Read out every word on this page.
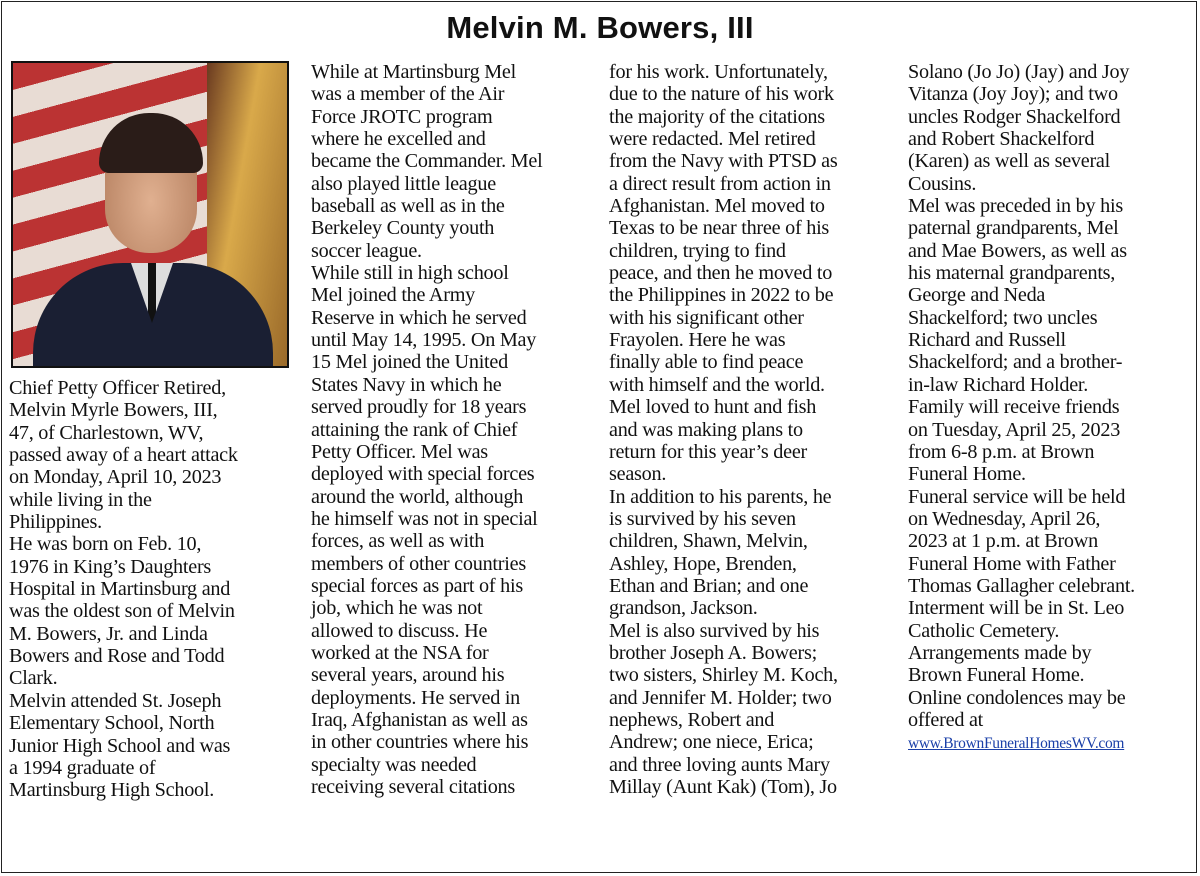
Melvin M. Bowers, III
Chief Petty Officer Retired,
Melvin Myrle Bowers, III,
47, of Charlestown, WV,
passed away of a heart attack
on Monday, April 10, 2023
while living in the
Philippines.
He was born on Feb. 10,
1976 in King’s Daughters
Hospital in Martinsburg and
was the oldest son of Melvin
M. Bowers, Jr. and Linda
Bowers and Rose and Todd
Clark.
Melvin attended St. Joseph
Elementary School, North
Junior High School and was
a 1994 graduate of
Martinsburg High School.
While at Martinsburg Mel
was a member of the Air
Force JROTC program
where he excelled and
became the Commander. Mel
also played little league
baseball as well as in the
Berkeley County youth
soccer league.
While still in high school
Mel joined the Army
Reserve in which he served
until May 14, 1995. On May
15 Mel joined the United
States Navy in which he
served proudly for 18 years
attaining the rank of Chief
Petty Officer. Mel was
deployed with special forces
around the world, although
he himself was not in special
forces, as well as with
members of other countries
special forces as part of his
job, which he was not
allowed to discuss. He
worked at the NSA for
several years, around his
deployments. He served in
Iraq, Afghanistan as well as
in other countries where his
specialty was needed
receiving several citations
for his work. Unfortunately,
due to the nature of his work
the majority of the citations
were redacted. Mel retired
from the Navy with PTSD as
a direct result from action in
Afghanistan. Mel moved to
Texas to be near three of his
children, trying to find
peace, and then he moved to
the Philippines in 2022 to be
with his significant other
Frayolen. Here he was
finally able to find peace
with himself and the world.
Mel loved to hunt and fish
and was making plans to
return for this year’s deer
season.
In addition to his parents, he
is survived by his seven
children, Shawn, Melvin,
Ashley, Hope, Brenden,
Ethan and Brian; and one
grandson, Jackson.
Mel is also survived by his
brother Joseph A. Bowers;
two sisters, Shirley M. Koch,
and Jennifer M. Holder; two
nephews, Robert and
Andrew; one niece, Erica;
and three loving aunts Mary
Millay (Aunt Kak) (Tom), Jo
Solano (Jo Jo) (Jay) and Joy
Vitanza (Joy Joy); and two
uncles Rodger Shackelford
and Robert Shackelford
(Karen) as well as several
Cousins.
Mel was preceded in by his
paternal grandparents, Mel
and Mae Bowers, as well as
his maternal grandparents,
George and Neda
Shackelford; two uncles
Richard and Russell
Shackelford; and a brother-
in-law Richard Holder.
Family will receive friends
on Tuesday, April 25, 2023
from 6-8 p.m. at Brown
Funeral Home.
Funeral service will be held
on Wednesday, April 26,
2023 at 1 p.m. at Brown
Funeral Home with Father
Thomas Gallagher celebrant.
Interment will be in St. Leo
Catholic Cemetery.
Arrangements made by
Brown Funeral Home.
Online condolences may be
offered at
www.BrownFuneralHomesWV.com
